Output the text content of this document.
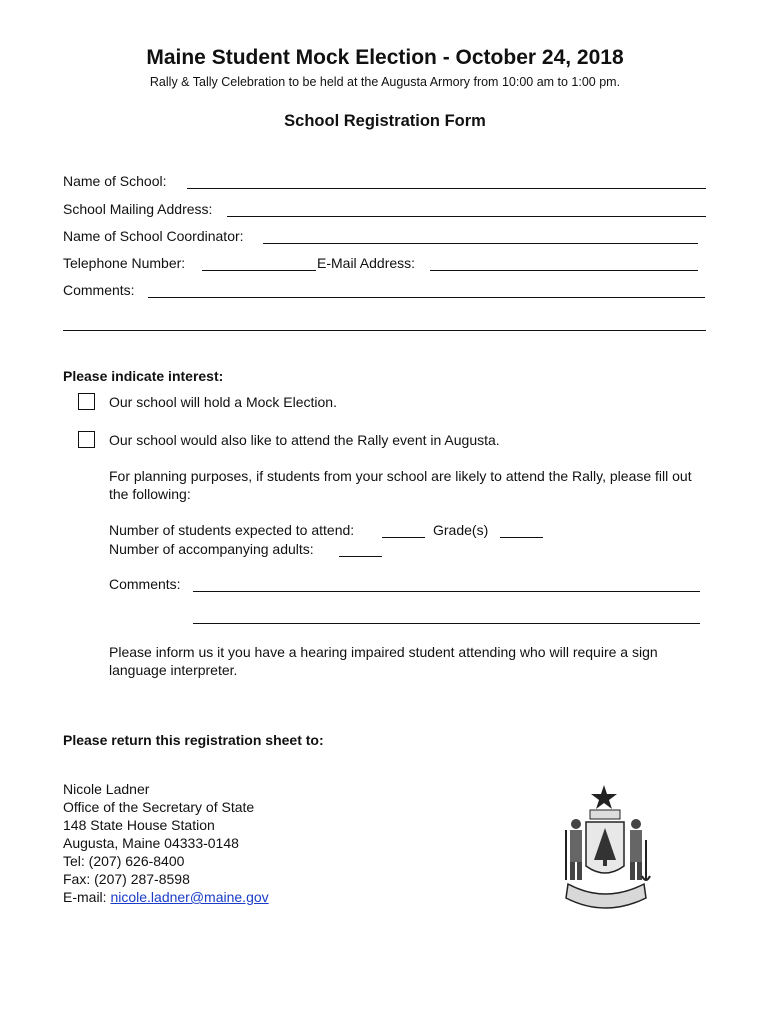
Maine Student Mock Election - October 24, 2018
Rally & Tally Celebration to be held at the Augusta Armory from 10:00 am to 1:00 pm.
School Registration Form
Name of School:
School Mailing Address:
Name of School Coordinator:
Telephone Number:	E-Mail Address:
Comments:
Please indicate interest:
Our school will hold a Mock Election.
Our school would also like to attend the Rally event in Augusta.
For planning purposes, if students from your school are likely to attend the Rally, please fill out the following:
Number of students expected to attend:	Grade(s)
Number of accompanying adults:
Comments:
Please inform us it you have a hearing impaired student attending who will require a sign language interpreter.
Please return this registration sheet to:
Nicole Ladner
Office of the Secretary of State
148 State House Station
Augusta, Maine 04333-0148
Tel: (207) 626-8400
Fax: (207) 287-8598
E-mail: nicole.ladner@maine.gov
